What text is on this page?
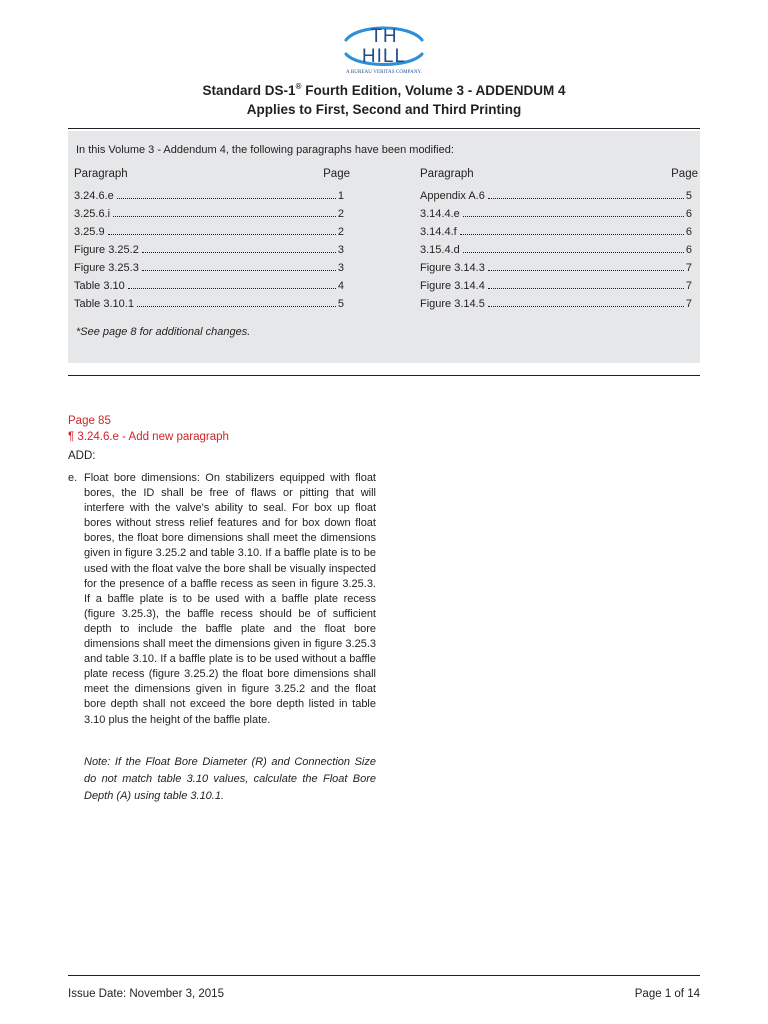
TH
HILL
A BUREAU VERITAS COMPANY.
Standard DS-1® Fourth Edition, Volume 3 - ADDENDUM 4
Applies to First, Second and Third Printing
In this Volume 3 - Addendum 4, the following paragraphs have been modified:
Paragraph	Page
3.24.6.e	1
3.25.6.i	2
3.25.9	2
Figure 3.25.2	3
Figure 3.25.3	3
Table 3.10	4
Table 3.10.1	5
Paragraph	Page
Appendix A.6	5
3.14.4.e	6
3.14.4.f	6
3.15.4.d	6
Figure 3.14.3	7
Figure 3.14.4	7
Figure 3.14.5	7
*See page 8 for additional changes.
Page 85
¶ 3.24.6.e - Add new paragraph
ADD:
e. Float bore dimensions: On stabilizers equipped with float bores, the ID shall be free of flaws or pitting that will interfere with the valve's ability to seal. For box up float bores without stress relief features and for box down float bores, the float bore dimensions shall meet the dimensions given in figure 3.25.2 and table 3.10. If a baffle plate is to be used with the float valve the bore shall be visually inspected for the presence of a baffle recess as seen in figure 3.25.3. If a baffle plate is to be used with a baffle plate recess (figure 3.25.3), the baffle recess should be of sufficient depth to include the baffle plate and the float bore dimensions shall meet the dimensions given in figure 3.25.3 and table 3.10. If a baffle plate is to be used without a baffle plate recess (figure 3.25.2) the float bore dimensions shall meet the dimensions given in figure 3.25.2 and the float bore depth shall not exceed the bore depth listed in table 3.10 plus the height of the baffle plate.
Note: If the Float Bore Diameter (R) and Connection Size do not match table 3.10 values, calculate the Float Bore Depth (A) using table 3.10.1.
Issue Date: November 3, 2015	Page 1 of 14
